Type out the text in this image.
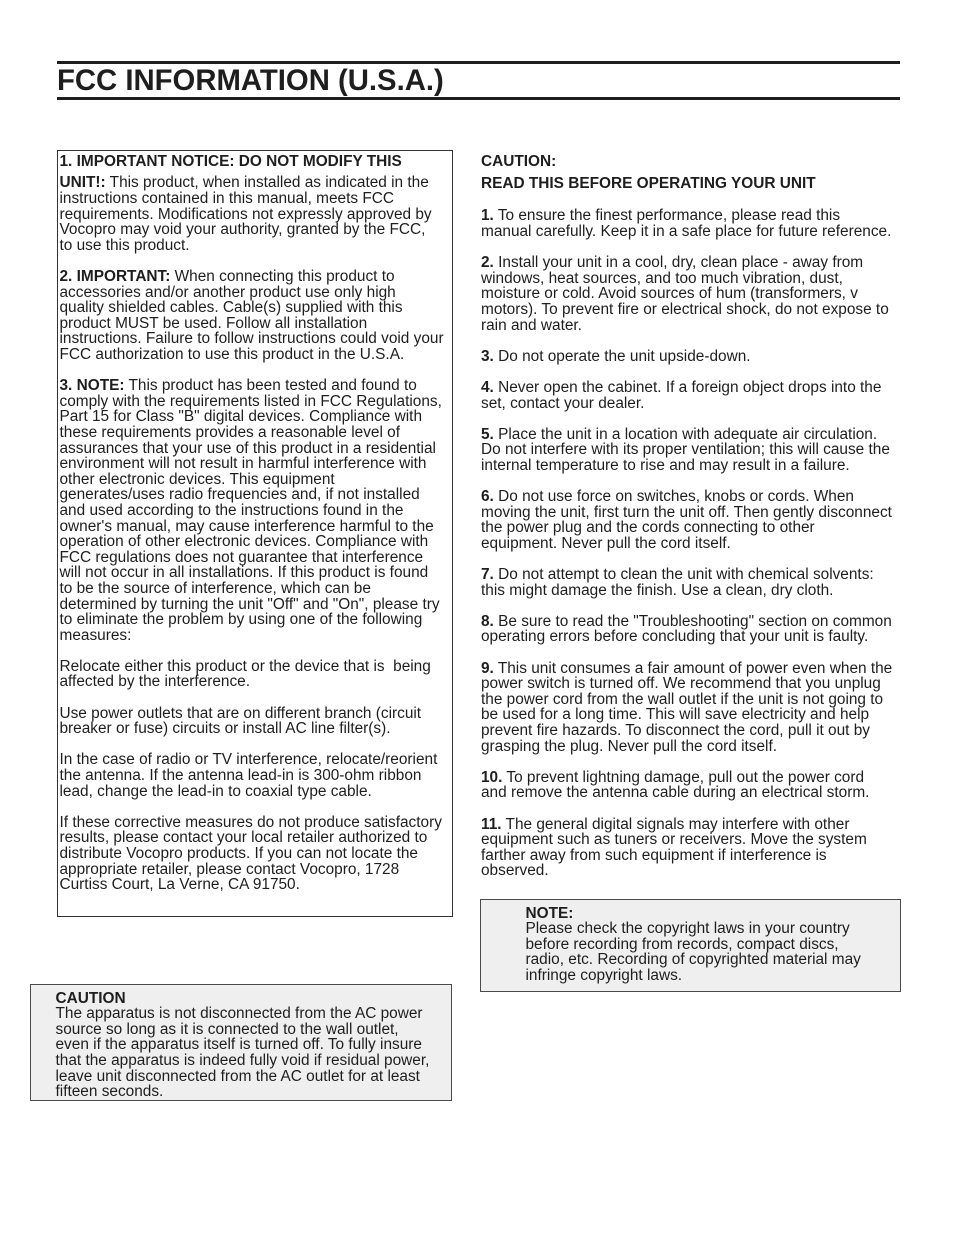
FCC INFORMATION (U.S.A.)
1. IMPORTANT NOTICE: DO NOT MODIFY THIS
UNIT!: This product, when installed as indicated in the
instructions contained in this manual, meets FCC
requirements. Modifications not expressly approved by
Vocopro may void your authority, granted by the FCC,
to use this product.
2. IMPORTANT: When connecting this product to
accessories and/or another product use only high
quality shielded cables. Cable(s) supplied with this
product MUST be used. Follow all installation
instructions. Failure to follow instructions could void your
FCC authorization to use this product in the U.S.A.
3. NOTE: This product has been tested and found to
comply with the requirements listed in FCC Regulations,
Part 15 for Class "B" digital devices. Compliance with
these requirements provides a reasonable level of
assurances that your use of this product in a residential
environment will not result in harmful interference with
other electronic devices. This equipment
generates/uses radio frequencies and, if not installed
and used according to the instructions found in the
owner's manual, may cause interference harmful to the
operation of other electronic devices. Compliance with
FCC regulations does not guarantee that interference
will not occur in all installations. If this product is found
to be the source of interference, which can be
determined by turning the unit "Off" and "On", please try
to eliminate the problem by using one of the following
measures:
Relocate either this product or the device that is  being
affected by the interference.
Use power outlets that are on different branch (circuit
breaker or fuse) circuits or install AC line filter(s).
In the case of radio or TV interference, relocate/reorient
the antenna. If the antenna lead-in is 300-ohm ribbon
lead, change the lead-in to coaxial type cable.
If these corrective measures do not produce satisfactory
results, please contact your local retailer authorized to
distribute Vocopro products. If you can not locate the
appropriate retailer, please contact Vocopro, 1728
Curtiss Court, La Verne, CA 91750.
CAUTION:
READ THIS BEFORE OPERATING YOUR UNIT
1. To ensure the finest performance, please read this
manual carefully. Keep it in a safe place for future reference.
2. Install your unit in a cool, dry, clean place - away from
windows, heat sources, and too much vibration, dust,
moisture or cold. Avoid sources of hum (transformers, v
motors). To prevent fire or electrical shock, do not expose to
rain and water.
3. Do not operate the unit upside-down.
4. Never open the cabinet. If a foreign object drops into the
set, contact your dealer.
5. Place the unit in a location with adequate air circulation.
Do not interfere with its proper ventilation; this will cause the
internal temperature to rise and may result in a failure.
6. Do not use force on switches, knobs or cords. When
moving the unit, first turn the unit off. Then gently disconnect
the power plug and the cords connecting to other
equipment. Never pull the cord itself.
7. Do not attempt to clean the unit with chemical solvents:
this might damage the finish. Use a clean, dry cloth.
8. Be sure to read the "Troubleshooting" section on common
operating errors before concluding that your unit is faulty.
9. This unit consumes a fair amount of power even when the
power switch is turned off. We recommend that you unplug
the power cord from the wall outlet if the unit is not going to
be used for a long time. This will save electricity and help
prevent fire hazards. To disconnect the cord, pull it out by
grasping the plug. Never pull the cord itself.
10. To prevent lightning damage, pull out the power cord
and remove the antenna cable during an electrical storm.
11. The general digital signals may interfere with other
equipment such as tuners or receivers. Move the system
farther away from such equipment if interference is
observed.
NOTE:
Please check the copyright laws in your country
before recording from records, compact discs,
radio, etc. Recording of copyrighted material may
infringe copyright laws.
CAUTION
The apparatus is not disconnected from the AC power
source so long as it is connected to the wall outlet,
even if the apparatus itself is turned off. To fully insure
that the apparatus is indeed fully void if residual power,
leave unit disconnected from the AC outlet for at least
fifteen seconds.
